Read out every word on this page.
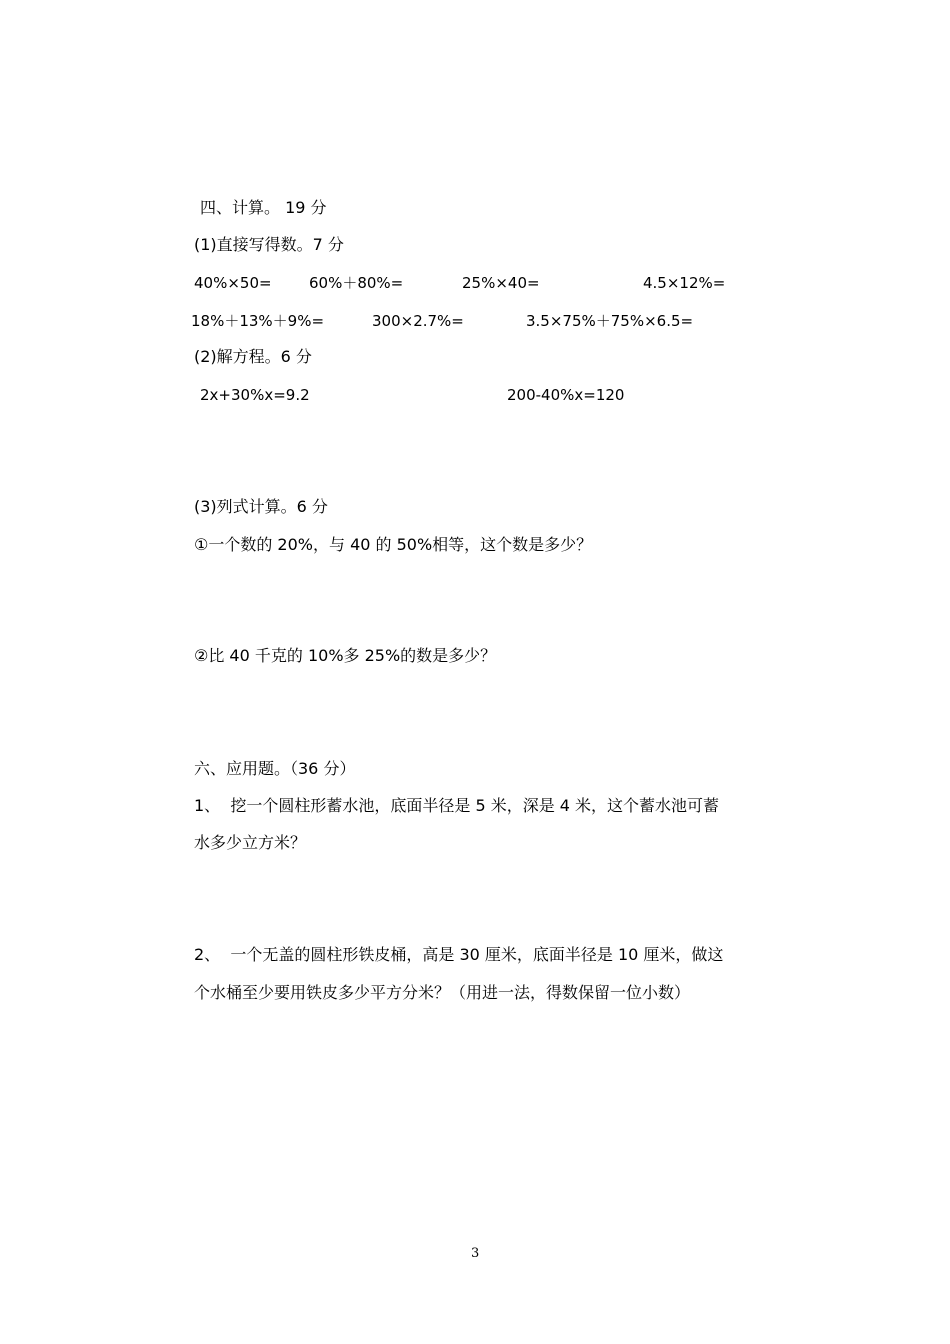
四、计算。 19 分
(1)直接写得数。7 分
40%×50= 60%＋80%=	25%×40=	4.5×12%=
18%＋13%＋9%=	300×2.7%=	3.5×75%＋75%×6.5=
(2)解方程。6 分
2x+30%x=9.2	200-40%x=120
(3)列式计算。6 分
①一个数的 20%，与 40 的 50%相等，这个数是多少？
②比 40 千克的 10%多 25%的数是多少？
六、应用题。（36 分）
1、  挖一个圆柱形蓄水池，底面半径是 5 米，深是 4 米，这个蓄水池可蓄
水多少立方米？
2、  一个无盖的圆柱形铁皮桶，高是 30 厘米，底面半径是 10 厘米，做这
个水桶至少要用铁皮多少平方分米？（用进一法，得数保留一位小数）
3
